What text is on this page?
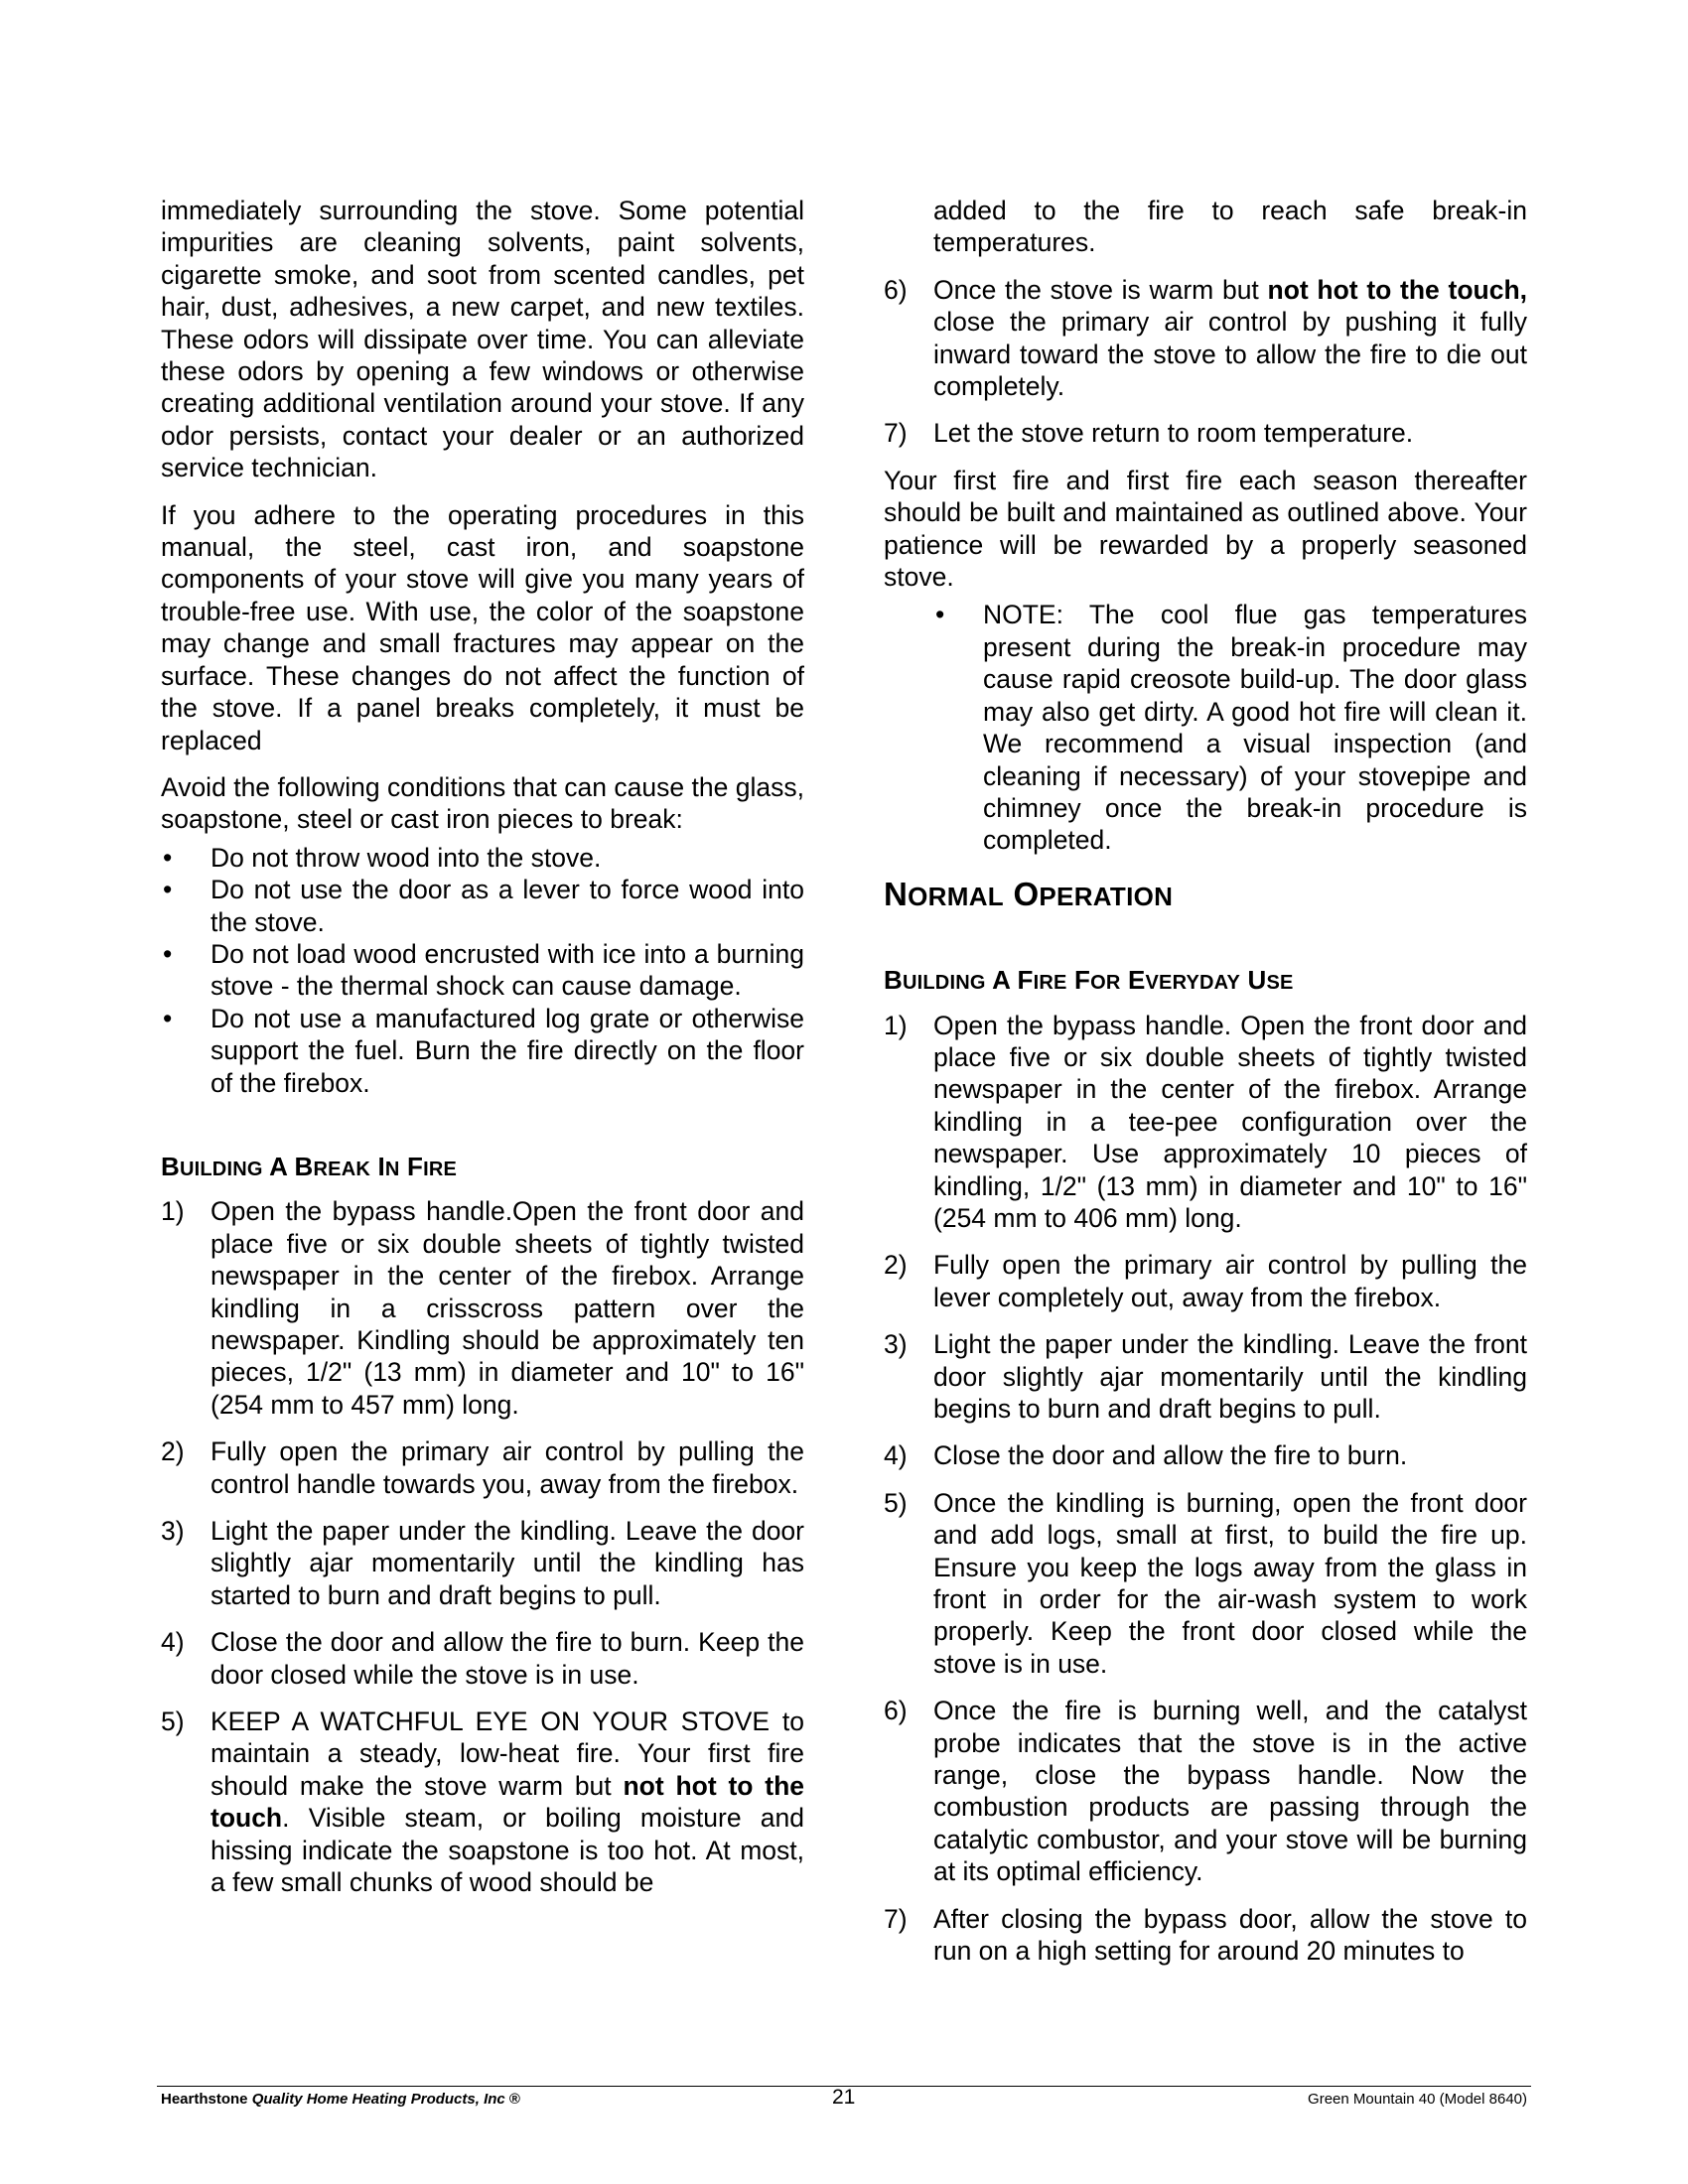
immediately surrounding the stove. Some potential impurities are cleaning solvents, paint solvents, cigarette smoke, and soot from scented candles, pet hair, dust, adhesives, a new carpet, and new textiles. These odors will dissipate over time. You can alleviate these odors by opening a few windows or otherwise creating additional ventilation around your stove. If any odor persists, contact your dealer or an authorized service technician.

If you adhere to the operating procedures in this manual, the steel, cast iron, and soapstone components of your stove will give you many years of trouble-free use. With use, the color of the soapstone may change and small fractures may appear on the surface. These changes do not affect the function of the stove. If a panel breaks completely, it must be replaced

Avoid the following conditions that can cause the glass, soapstone, steel or cast iron pieces to break:

• Do not throw wood into the stove.
• Do not use the door as a lever to force wood into the stove.
• Do not load wood encrusted with ice into a burning stove - the thermal shock can cause damage.
• Do not use a manufactured log grate or otherwise support the fuel. Burn the fire directly on the floor of the firebox.
BUILDING A BREAK IN FIRE
1) Open the bypass handle.Open the front door and place five or six double sheets of tightly twisted newspaper in the center of the firebox. Arrange kindling in a crisscross pattern over the newspaper. Kindling should be approximately ten pieces, 1/2" (13 mm) in diameter and 10" to 16" (254 mm to 457 mm) long.
2) Fully open the primary air control by pulling the control handle towards you, away from the firebox.
3) Light the paper under the kindling. Leave the door slightly ajar momentarily until the kindling has started to burn and draft begins to pull.
4) Close the door and allow the fire to burn. Keep the door closed while the stove is in use.
5) KEEP A WATCHFUL EYE ON YOUR STOVE to maintain a steady, low-heat fire. Your first fire should make the stove warm but not hot to the touch. Visible steam, or boiling moisture and hissing indicate the soapstone is too hot. At most, a few small chunks of wood should be

added to the fire to reach safe break-in temperatures.

6) Once the stove is warm but not hot to the touch, close the primary air control by pushing it fully inward toward the stove to allow the fire to die out completely.
7) Let the stove return to room temperature.

Your first fire and first fire each season thereafter should be built and maintained as outlined above. Your patience will be rewarded by a properly seasoned stove.

• NOTE: The cool flue gas temperatures present during the break-in procedure may cause rapid creosote build-up. The door glass may also get dirty. A good hot fire will clean it. We recommend a visual inspection (and cleaning if necessary) of your stovepipe and chimney once the break-in procedure is completed.
NORMAL OPERATION
BUILDING A FIRE FOR EVERYDAY USE
1) Open the bypass handle. Open the front door and place five or six double sheets of tightly twisted newspaper in the center of the firebox. Arrange kindling in a tee-pee configuration over the newspaper. Use approximately 10 pieces of kindling, 1/2" (13 mm) in diameter and 10" to 16" (254 mm to 406 mm) long.
2) Fully open the primary air control by pulling the lever completely out, away from the firebox.
3) Light the paper under the kindling. Leave the front door slightly ajar momentarily until the kindling begins to burn and draft begins to pull.
4) Close the door and allow the fire to burn.
5) Once the kindling is burning, open the front door and add logs, small at first, to build the fire up. Ensure you keep the logs away from the glass in front in order for the air-wash system to work properly. Keep the front door closed while the stove is in use.
6) Once the fire is burning well, and the catalyst probe indicates that the stove is in the active range, close the bypass handle. Now the combustion products are passing through the catalytic combustor, and your stove will be burning at its optimal efficiency.
7) After closing the bypass door, allow the stove to run on a high setting for around 20 minutes to
Hearthstone Quality Home Heating Products, Inc ®	21	Green Mountain 40 (Model 8640)
